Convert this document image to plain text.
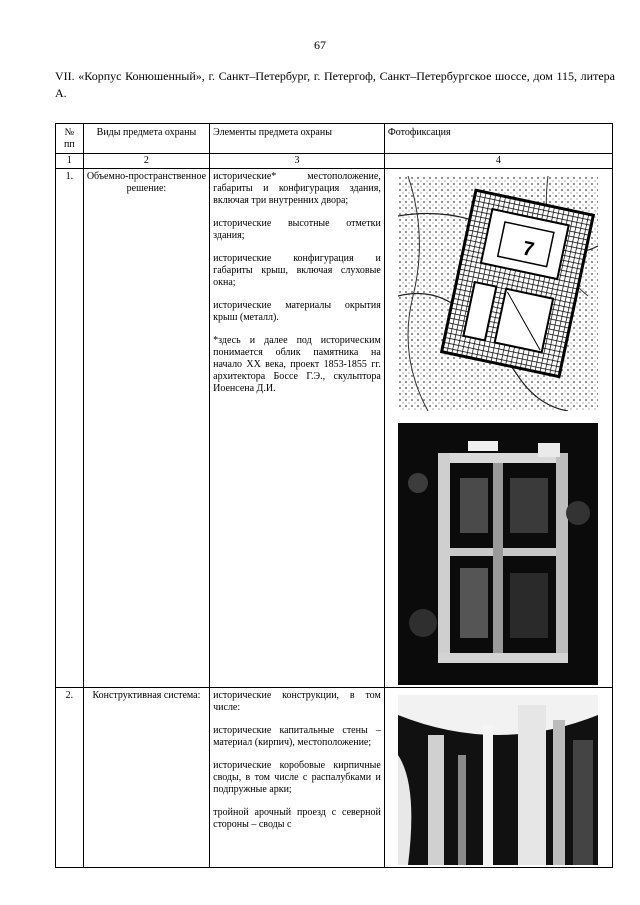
67
VII. «Корпус Конюшенный», г. Санкт–Петербург, г. Петергоф, Санкт–Петербургское шоссе, дом 115, литера А.
№ пп	Виды предмета охраны	Элементы предмета охраны	Фотофиксация
1	2	3	4
1.	Объемно-пространственное решение:	исторические* местоположение, габариты и конфигурация здания, включая три внутренних двора;

исторические высотные отметки здания;

исторические конфигурация и габариты крыш, включая слуховые окна;

исторические материалы окрытия крыш (металл).

*здесь и далее под историческим понимается облик памятника на начало XX века, проект 1853-1855 гг. архитектора Боссе Г.Э., скульптора Иоенсена Д.И.	7

2.	Конструктивная система:	исторические конструкции, в том числе:

исторические капитальные стены – материал (кирпич), местоположение;

исторические коробовые кирпичные своды, в том числе с распалубками и подпружные арки;

тройной арочный проезд с северной стороны – своды с
